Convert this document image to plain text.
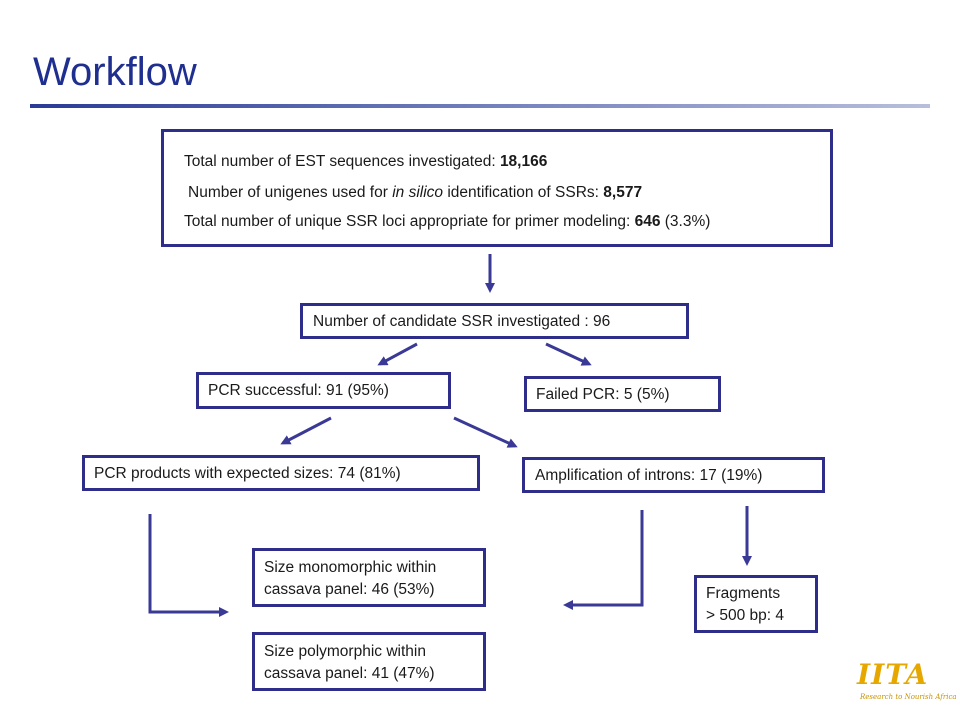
Workflow
Total number of EST sequences investigated: 18,166
Number of unigenes used for in silico identification of SSRs: 8,577
Total number of unique SSR loci appropriate for primer modeling: 646 (3.3%)
Number of candidate SSR investigated : 96
PCR successful: 91 (95%)	Failed PCR: 5 (5%)
PCR products with expected sizes: 74 (81%)	Amplification of introns: 17 (19%)
Size monomorphic within
cassava panel: 46 (53%)
Size polymorphic within
cassava panel: 41 (47%)
Fragments
> 500 bp: 4
IITA
Research to Nourish Africa
